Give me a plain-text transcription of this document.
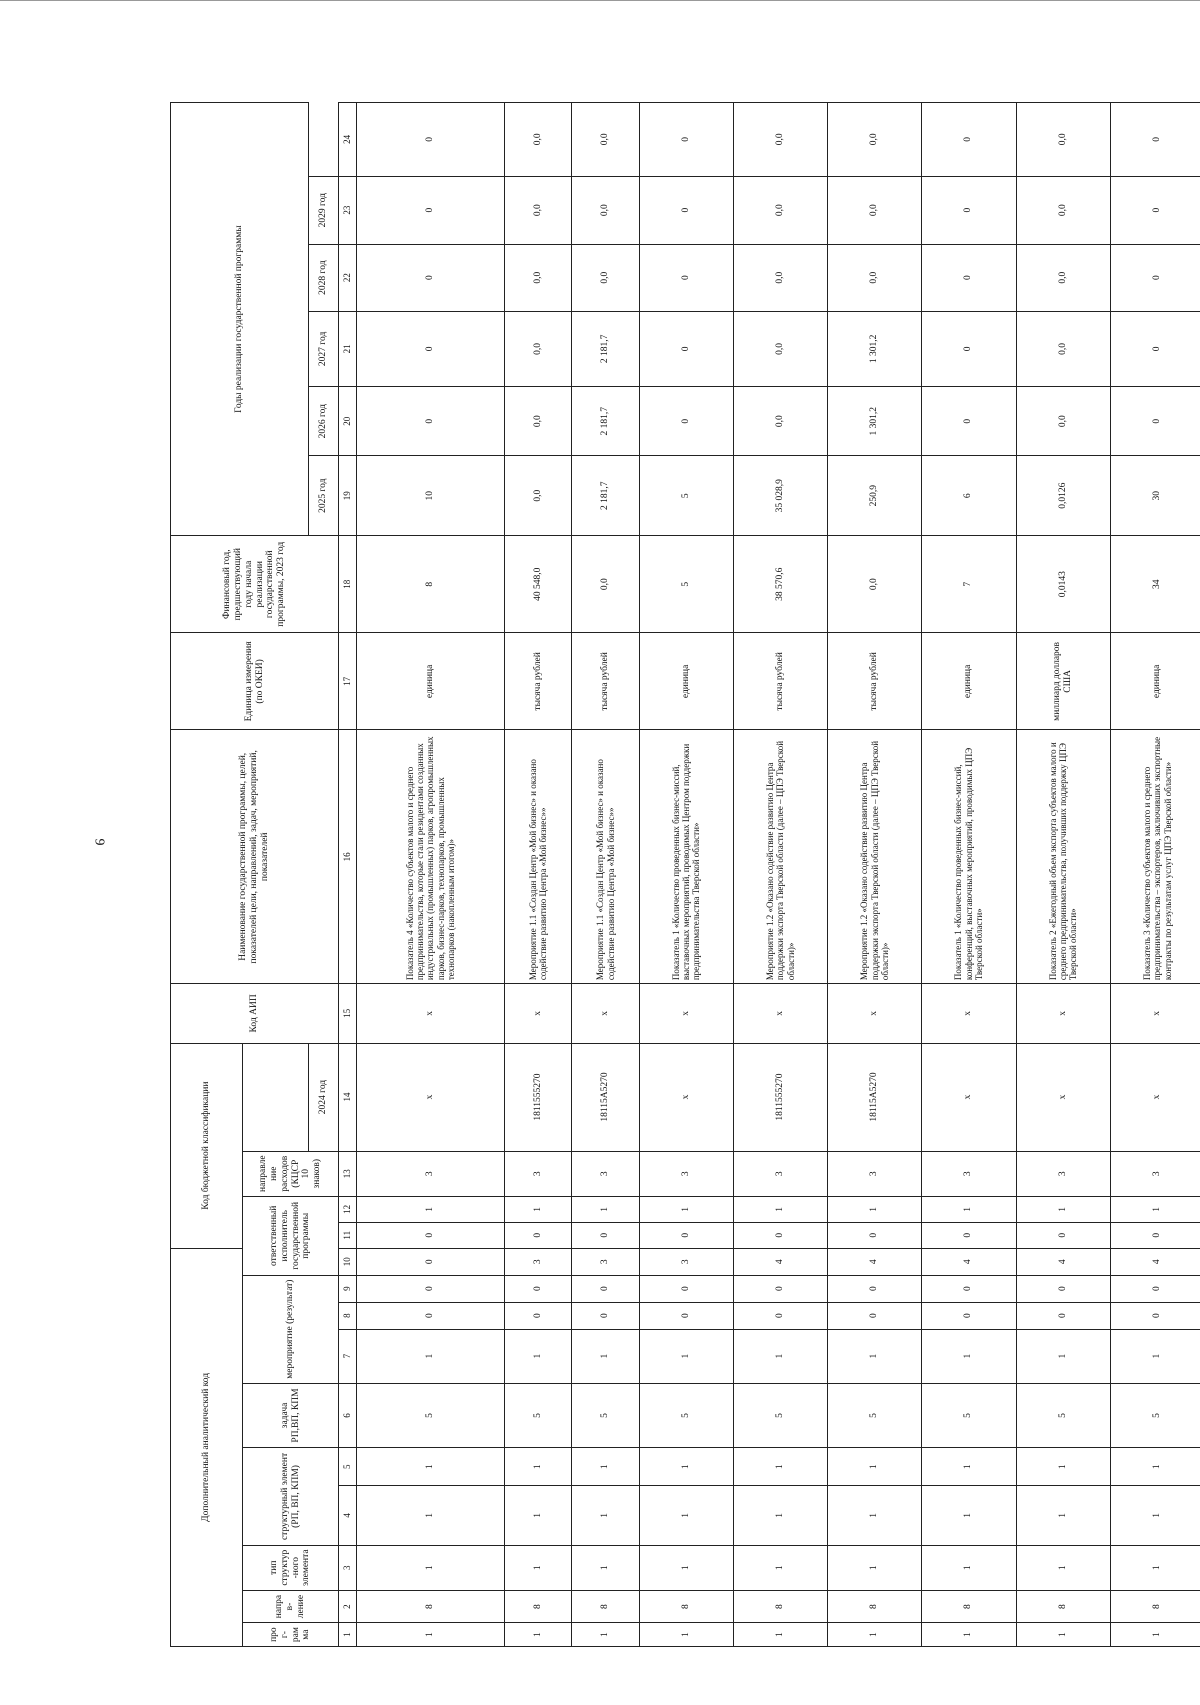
9
Дополнительный аналитический код										Код бюджетной классификации				Код АИП	Наименование государственной программы, целей, показателей цели, направлений, задач, мероприятий, показателей	Единица измерения (по ОКЕИ)	Финансовый год, предшествующий году начала реализации государственной программы, 2023 год	Годы реализации государственной программы					
прог-рамма	направ-ление	тип структур-ного элемента	структурный элемент (РП, ВП, КПМ)		задача РП,ВП, КПМ	мероприятие (результат)			ответственный исполнитель государственной программы			направление расходов (КЦСР 10 знаков)											
													2024 год					2025 год	2026 год	2027 год	2028 год	2029 год	
1	2	3	4	5	6	7	8	9	10	11	12	13	14	15	16	17	18	19	20	21	22	23	24
1	8	1	1	1	5	1	0	0	0	0	1	3	x	x	Показатель 4 «Количество субъектов малого и среднего предпринимательства, которые стали резидентами созданных индустриальных (промышленных) парков, агропромышленных парков, бизнес-парков, технопарков, промышленных технопарков (накопленным итогом)»	единица	8	10	0	0	0	0	0
1	8	1	1	1	5	1	0	0	3	0	1	3	1811555270	x	Мероприятие 1.1 «Создан Центр «Мой бизнес» и оказано содействие развитию Центра «Мой бизнес»»	тысяча рублей	40 548,0	0,0	0,0	0,0	0,0	0,0	0,0
1	8	1	1	1	5	1	0	0	3	0	1	3	18115А5270	x	Мероприятие 1.1 «Создан Центр «Мой бизнес» и оказано содействие развитию Центра «Мой бизнес»»	тысяча рублей	0,0	2 181,7	2 181,7	2 181,7	0,0	0,0	0,0
1	8	1	1	1	5	1	0	0	3	0	1	3	x	x	Показатель 1 «Количество проведенных бизнес-миссий, выставочных мероприятий, проводимых Центром поддержки предпринимательства Тверской области»	единица	5	5	0	0	0	0	0
1	8	1	1	1	5	1	0	0	4	0	1	3	1811555270	x	Мероприятие 1.2 «Оказано содействие развитию Центра поддержки экспорта Тверской области (далее – ЦПЭ Тверской области)»	тысяча рублей	38 570,6	35 028,9	0,0	0,0	0,0	0,0	0,0
1	8	1	1	1	5	1	0	0	4	0	1	3	18115А5270	x	Мероприятие 1.2 «Оказано содействие развитию Центра поддержки экспорта Тверской области (далее – ЦПЭ Тверской области)»	тысяча рублей	0,0	250,9	1 301,2	1 301,2	0,0	0,0	0,0
1	8	1	1	1	5	1	0	0	4	0	1	3	x	x	Показатель 1 «Количество проведенных бизнес-миссий, конференций, выставочных мероприятий, проводимых ЦПЭ Тверской области»	единица	7	6	0	0	0	0	0
1	8	1	1	1	5	1	0	0	4	0	1	3	x	x	Показатель 2 «Ежегодный объем экспорта субъектов малого и среднего предпринимательства, получивших поддержку ЦПЭ Тверской области»	миллиард долларов США	0,0143	0,0126	0,0	0,0	0,0	0,0	0,0
1	8	1	1	1	5	1	0	0	4	0	1	3	x	x	Показатель 3 «Количество субъектов малого и среднего предпринимательства – экспортеров, заключивших экспортные контракты по результатам услуг ЦПЭ Тверской области»	единица	34	30	0	0	0	0	0
